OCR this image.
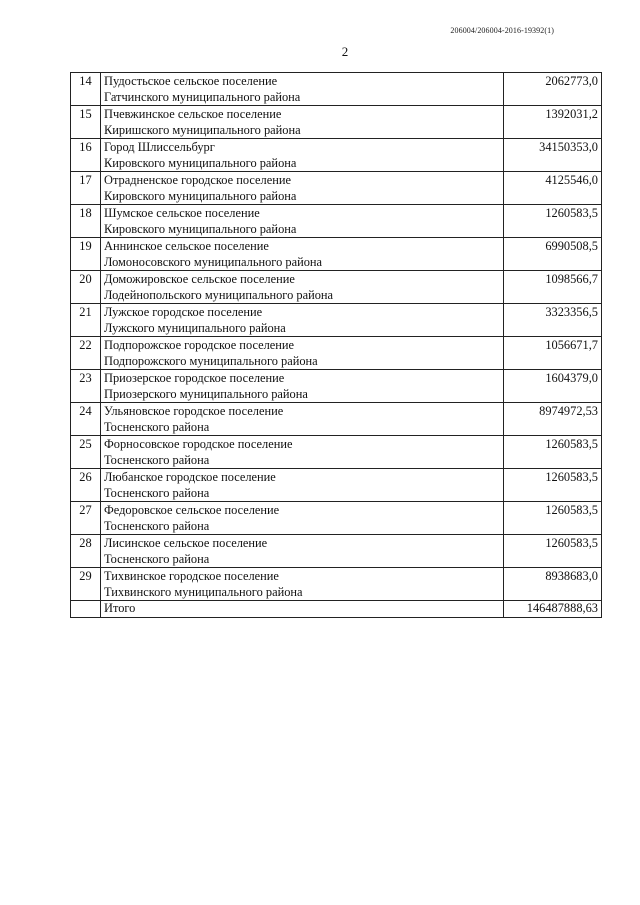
206004/206004-2016-19392(1)
2
14	Пудостьское сельское поселение
Гатчинского муниципального района	2062773,0
15	Пчевжинское сельское поселение
Киришского муниципального района	1392031,2
16	Город Шлиссельбург
Кировского муниципального района	34150353,0
17	Отрадненское городское поселение
Кировского муниципального района	4125546,0
18	Шумское сельское поселение
Кировского муниципального района	1260583,5
19	Аннинское сельское поселение
Ломоносовского муниципального района	6990508,5
20	Доможировское сельское поселение
Лодейнопольского муниципального района	1098566,7
21	Лужское городское поселение
Лужского муниципального района	3323356,5
22	Подпорожское городское поселение
Подпорожского муниципального района	1056671,7
23	Приозерское городское поселение
Приозерского муниципального района	1604379,0
24	Ульяновское городское поселение
Тосненского района	8974972,53
25	Форносовское городское поселение
Тосненского района	1260583,5
26	Любанское городское поселение
Тосненского района	1260583,5
27	Федоровское сельское поселение
Тосненского района	1260583,5
28	Лисинское сельское поселение
Тосненского района	1260583,5
29	Тихвинское городское поселение
Тихвинского муниципального района	8938683,0
	Итого	146487888,63
